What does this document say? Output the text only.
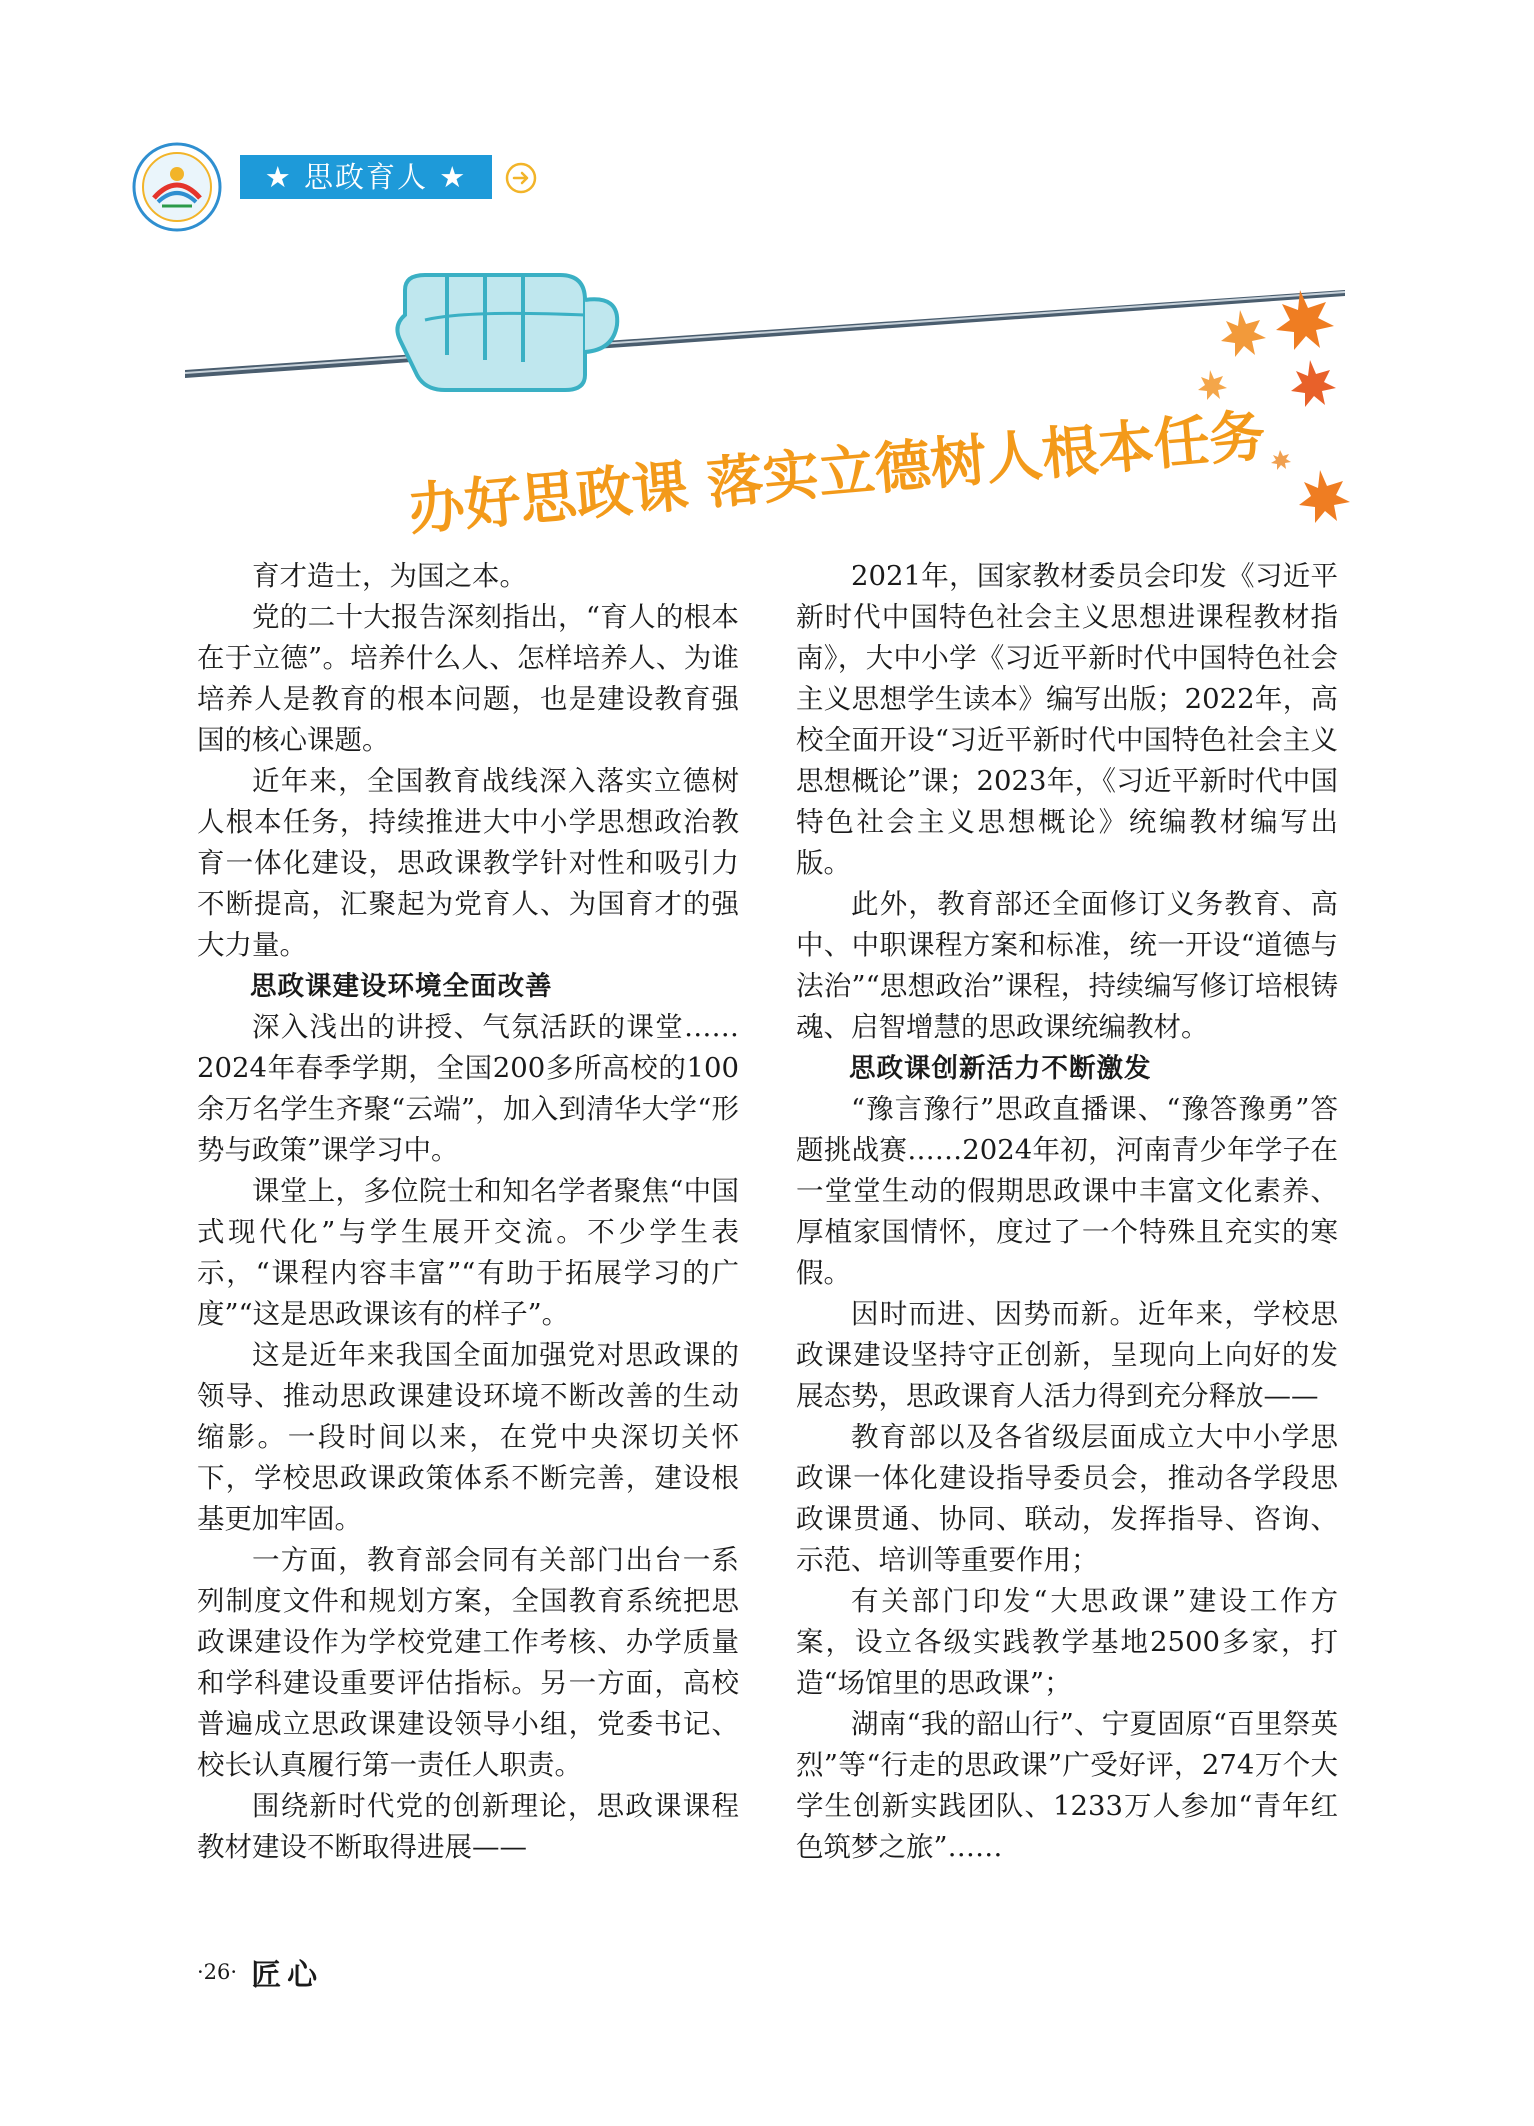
★ 思政育人 ★
办好思政课 落实立德树人根本任务

育才造士，为国之本。

党的二十大报告深刻指出，“育人的根本在于立德”。培养什么人、怎样培养人、为谁培养人是教育的根本问题，也是建设教育强国的核心课题。

近年来，全国教育战线深入落实立德树人根本任务，持续推进大中小学思想政治教育一体化建设，思政课教学针对性和吸引力不断提高，汇聚起为党育人、为国育才的强大力量。

思政课建设环境全面改善

深入浅出的讲授、气氛活跃的课堂……2024年春季学期，全国200多所高校的100余万名学生齐聚“云端”，加入到清华大学“形势与政策”课学习中。

课堂上，多位院士和知名学者聚焦“中国式现代化”与学生展开交流。不少学生表示，“课程内容丰富”“有助于拓展学习的广度”“这是思政课该有的样子”。

这是近年来我国全面加强党对思政课的领导、推动思政课建设环境不断改善的生动缩影。一段时间以来，在党中央深切关怀下，学校思政课政策体系不断完善，建设根基更加牢固。

一方面，教育部会同有关部门出台一系列制度文件和规划方案，全国教育系统把思政课建设作为学校党建工作考核、办学质量和学科建设重要评估指标。另一方面，高校普遍成立思政课建设领导小组，党委书记、校长认真履行第一责任人职责。

围绕新时代党的创新理论，思政课课程教材建设不断取得进展——

2021年，国家教材委员会印发《习近平新时代中国特色社会主义思想进课程教材指南》，大中小学《习近平新时代中国特色社会主义思想学生读本》编写出版；2022年，高校全面开设“习近平新时代中国特色社会主义思想概论”课；2023年，《习近平新时代中国特色社会主义思想概论》统编教材编写出版。

此外，教育部还全面修订义务教育、高中、中职课程方案和标准，统一开设“道德与法治”“思想政治”课程，持续编写修订培根铸魂、启智增慧的思政课统编教材。

思政课创新活力不断激发

“豫言豫行”思政直播课、“豫答豫勇”答题挑战赛……2024年初，河南青少年学子在一堂堂生动的假期思政课中丰富文化素养、厚植家国情怀，度过了一个特殊且充实的寒假。

因时而进、因势而新。近年来，学校思政课建设坚持守正创新，呈现向上向好的发展态势，思政课育人活力得到充分释放——

教育部以及各省级层面成立大中小学思政课一体化建设指导委员会，推动各学段思政课贯通、协同、联动，发挥指导、咨询、示范、培训等重要作用；

有关部门印发“大思政课”建设工作方案，设立各级实践教学基地2500多家，打造“场馆里的思政课”；

湖南“我的韶山行”、宁夏固原“百里祭英烈”等“行走的思政课”广受好评，274万个大学生创新实践团队、1233万人参加“青年红色筑梦之旅”……

·26· 匠心
